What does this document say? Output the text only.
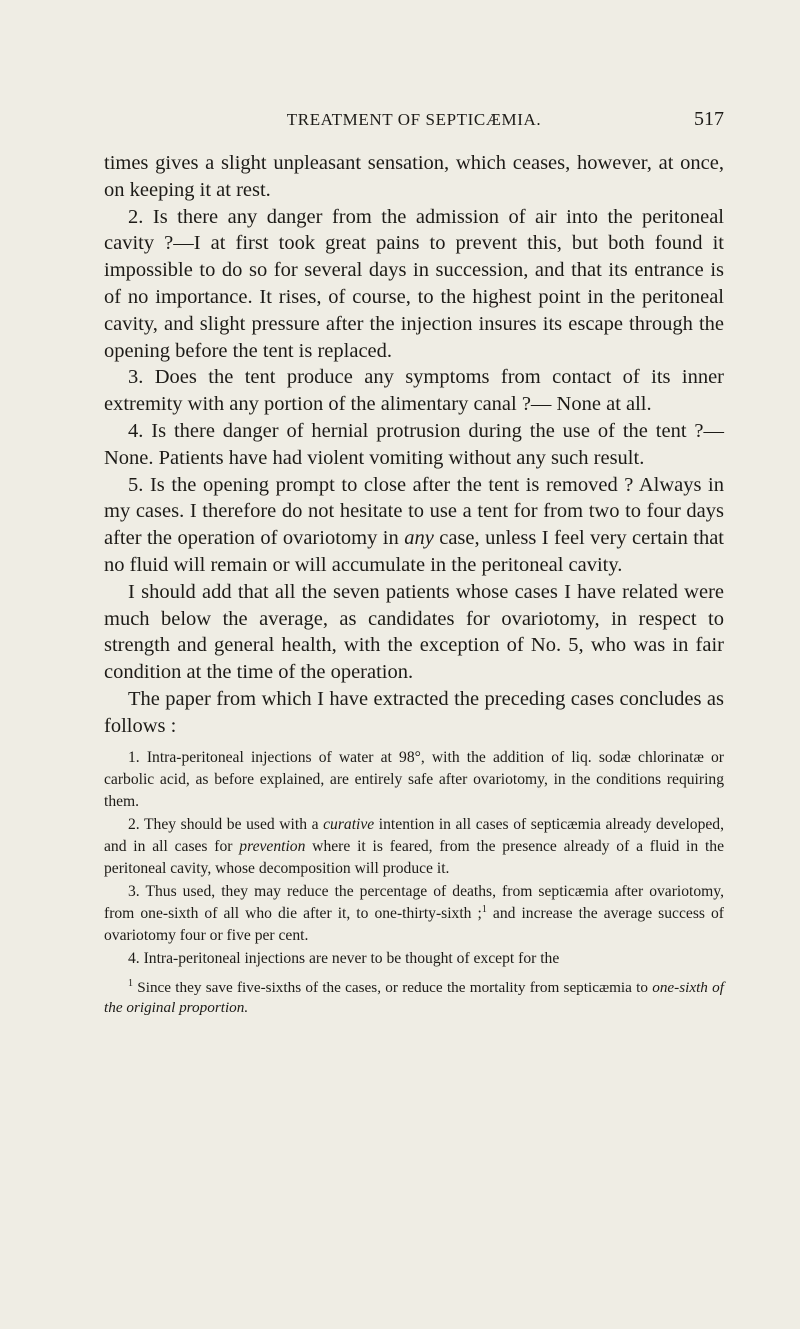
TREATMENT OF SEPTICÆMIA.	517

times gives a slight unpleasant sensation, which ceases, however, at once, on keeping it at rest.

2. Is there any danger from the admission of air into the peritoneal cavity ?—I at first took great pains to prevent this, but both found it impossible to do so for several days in succession, and that its entrance is of no importance. It rises, of course, to the highest point in the peritoneal cavity, and slight pressure after the injection insures its escape through the opening before the tent is replaced.

3. Does the tent produce any symptoms from contact of its inner extremity with any portion of the alimentary canal ?— None at all.

4. Is there danger of hernial protrusion during the use of the tent ?—None. Patients have had violent vomiting without any such result.

5. Is the opening prompt to close after the tent is removed ? Always in my cases. I therefore do not hesitate to use a tent for from two to four days after the operation of ovariotomy in any case, unless I feel very certain that no fluid will remain or will accumulate in the peritoneal cavity.

I should add that all the seven patients whose cases I have related were much below the average, as candidates for ovariotomy, in respect to strength and general health, with the exception of No. 5, who was in fair condition at the time of the operation.

The paper from which I have extracted the preceding cases concludes as follows :

1. Intra-peritoneal injections of water at 98°, with the addition of liq. sodæ chlorinatæ or carbolic acid, as before explained, are entirely safe after ovariotomy, in the conditions requiring them.

2. They should be used with a curative intention in all cases of septicæmia already developed, and in all cases for prevention where it is feared, from the presence already of a fluid in the peritoneal cavity, whose decomposition will produce it.

3. Thus used, they may reduce the percentage of deaths, from septicæmia after ovariotomy, from one-sixth of all who die after it, to one-thirty-sixth ;$^1$ and increase the average success of ovariotomy four or five per cent.

4. Intra-peritoneal injections are never to be thought of except for the

$^1$ Since they save five-sixths of the cases, or reduce the mortality from septicæmia to one-sixth of the original proportion.
